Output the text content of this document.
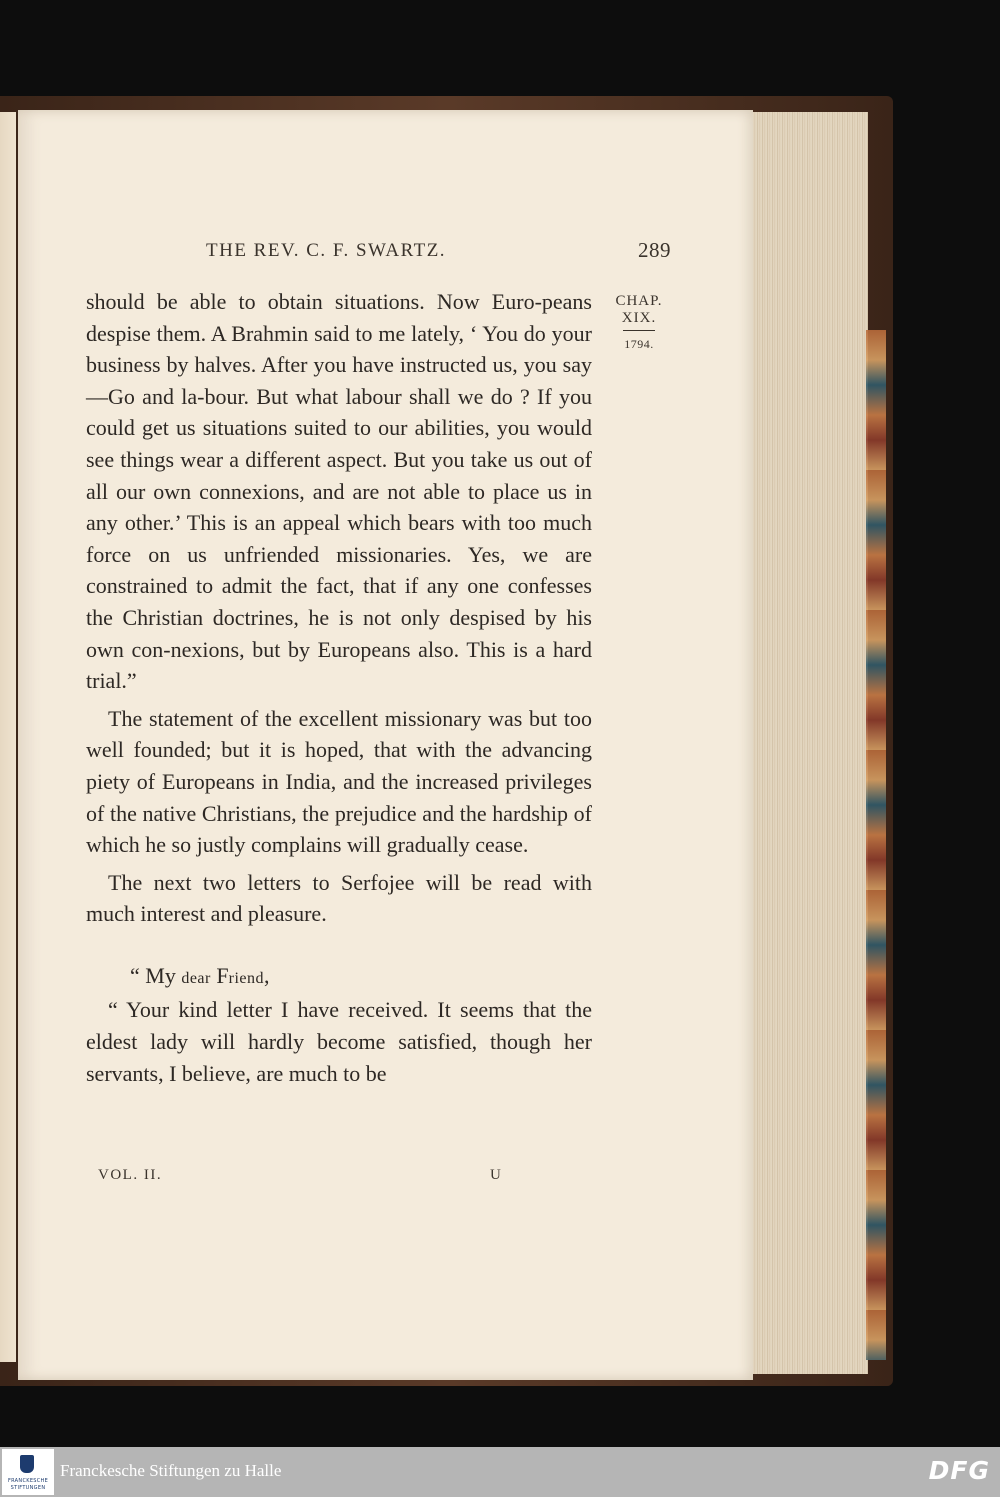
THE REV. C. F. SWARTZ.	289
CHAP.
XIX.
1794.

should be able to obtain situations. Now Euro-peans despise them. A Brahmin said to me lately, ‘ You do your business by halves. After you have instructed us, you say—Go and la-bour. But what labour shall we do ? If you could get us situations suited to our abilities, you would see things wear a different aspect. But you take us out of all our own connexions, and are not able to place us in any other.’ This is an appeal which bears with too much force on us unfriended missionaries. Yes, we are constrained to admit the fact, that if any one confesses the Christian doctrines, he is not only despised by his own con-nexions, but by Europeans also. This is a hard trial.”

The statement of the excellent missionary was but too well founded; but it is hoped, that with the advancing piety of Europeans in India, and the increased privileges of the native Christians, the prejudice and the hardship of which he so justly complains will gradually cease.

The next two letters to Serfojee will be read with much interest and pleasure.

“ My dear Friend,

“ Your kind letter I have received. It seems that the eldest lady will hardly become satisfied, though her servants, I believe, are much to be

VOL. II.	U
FRANCKESCHE
STIFTUNGEN
Franckesche Stiftungen zu Halle	DFG
